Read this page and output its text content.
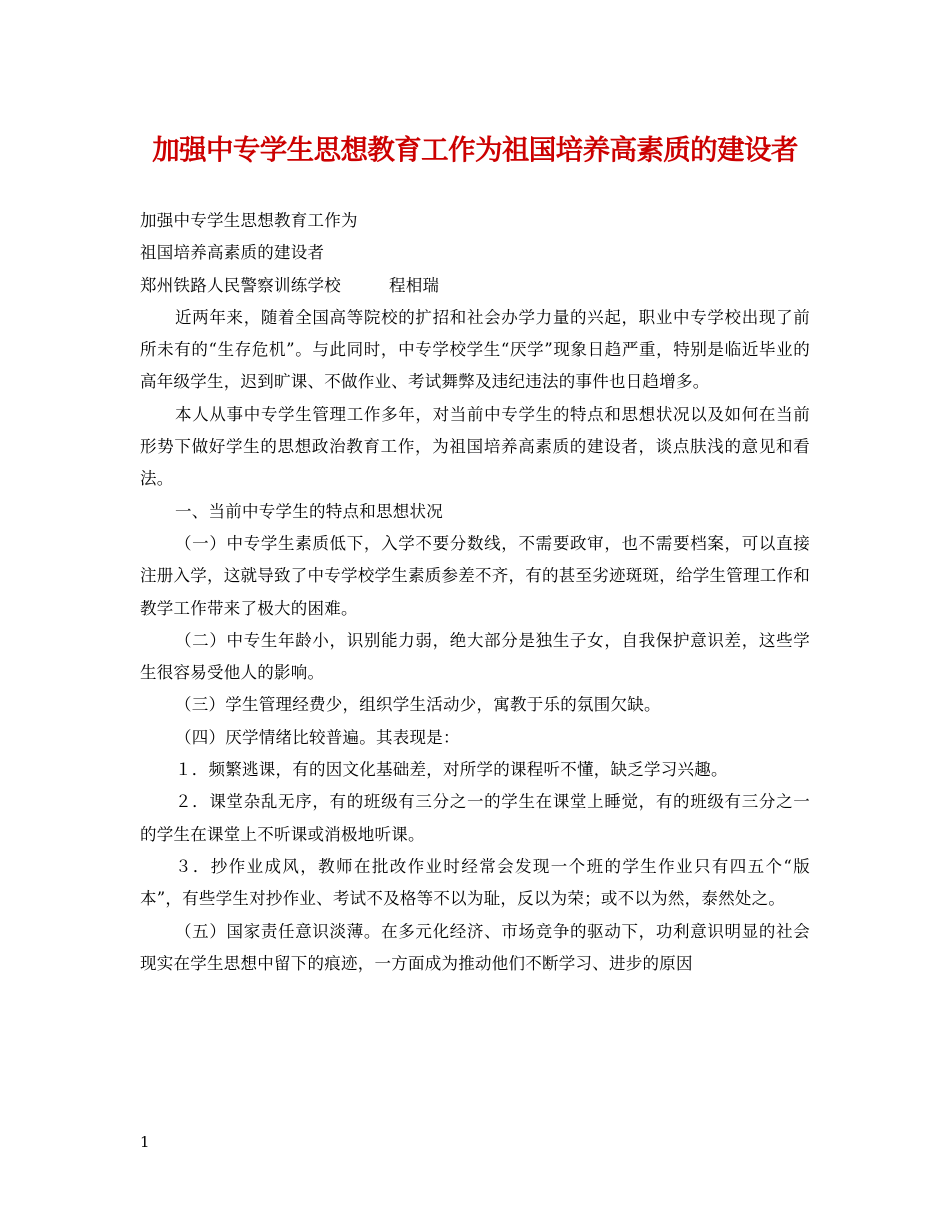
加强中专学生思想教育工作为祖国培养高素质的建设者

加强中专学生思想教育工作为

祖国培养高素质的建设者

郑州铁路人民警察训练学校	程相瑞

近两年来，随着全国高等院校的扩招和社会办学力量的兴起，职业中专学校出现了前所未有的“生存危机”。与此同时，中专学校学生“厌学”现象日趋严重，特别是临近毕业的高年级学生，迟到旷课、不做作业、考试舞弊及违纪违法的事件也日趋增多。

本人从事中专学生管理工作多年，对当前中专学生的特点和思想状况以及如何在当前形势下做好学生的思想政治教育工作，为祖国培养高素质的建设者，谈点肤浅的意见和看法。

一、当前中专学生的特点和思想状况

（一）中专学生素质低下，入学不要分数线，不需要政审，也不需要档案，可以直接注册入学，这就导致了中专学校学生素质参差不齐，有的甚至劣迹斑斑，给学生管理工作和教学工作带来了极大的困难。

（二）中专生年龄小，识别能力弱，绝大部分是独生子女，自我保护意识差，这些学生很容易受他人的影响。

（三）学生管理经费少，组织学生活动少，寓教于乐的氛围欠缺。

（四）厌学情绪比较普遍。其表现是：

１．频繁逃课，有的因文化基础差，对所学的课程听不懂，缺乏学习兴趣。

２．课堂杂乱无序，有的班级有三分之一的学生在课堂上睡觉，有的班级有三分之一的学生在课堂上不听课或消极地听课。

３．抄作业成风，教师在批改作业时经常会发现一个班的学生作业只有四五个“版本”，有些学生对抄作业、考试不及格等不以为耻，反以为荣；或不以为然，泰然处之。

（五）国家责任意识淡薄。在多元化经济、市场竞争的驱动下，功利意识明显的社会现实在学生思想中留下的痕迹，一方面成为推动他们不断学习、进步的原因

1
